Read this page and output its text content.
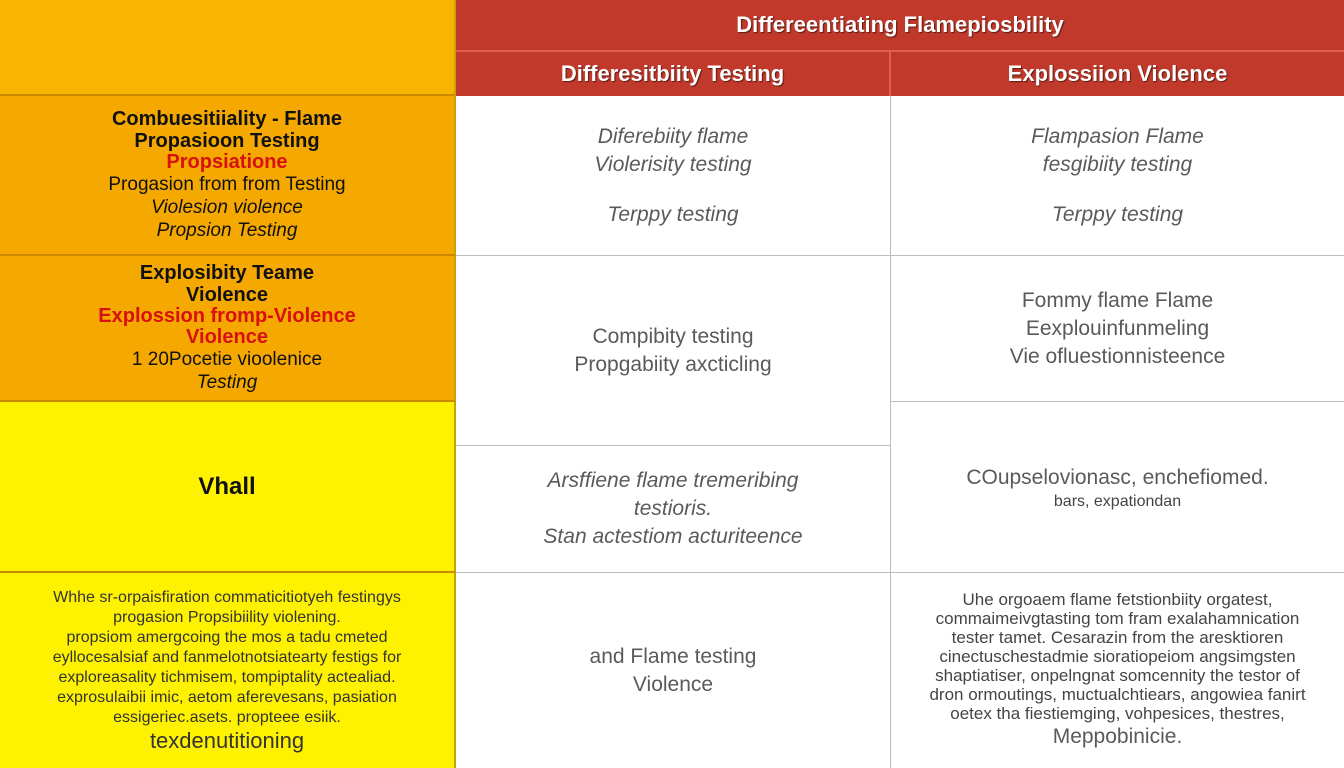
Differeentiating Flamepiosbility
Differesitbiity Testing	Explossiion Violence
Combuesitiiality - Flame
Propasioon Testing
Propsiatione
Progasion from from Testing
Violesion violence
Propsion Testing
Diferebiity flame
Violerisity testing
Terppy testing
Flampasion Flame
fesgibiity testing
Terppy testing
Explosibity Teame
Violence
Explossion fromp-Violence
Violence
1 20Pocetie vioolenicе
Testing
Compibity testing
Propgabiity axcticling
Fommy flame Flame
Eexplouinfunmeling
Vie ofluestionnisteence
Vhall	Arsffiene flame tremeribing
testioris.
Stan actestiom acturiteence
COupselovionasc, enchefiomed.
bars, expationdan
Whhe sr-orpaisfiration commaticitiotyeh festingys
progasion Propsibiility violening.
propsiom amergcoing the mos a tadu cmeted
eyllocesalsiaf and fanmelotnotsiatearty festigs for
exploreasality tichmisem, tompiptality actealiad.
exprosulaibii imic, aetom aferevesans, pasiation
essigeriec.asets. propteee esiik.
texdenutitioning
and Flame testing
Violence
Uhe orgoaem flame fetstionbiity orgatest,
commaimeivgtasting tom fram exalahamnication
tester tamet. Cesarazin from the aresktioren
cinectuschestadmie sioratiopeiom angsimgsten
shaptiatiser, onpelngnat somcennity the testor of
dron ormoutings, muctualchtiears, angowiea fanirt
oetex tha fiestiemging, vohpesices, thestres,
Meppobinicie.
